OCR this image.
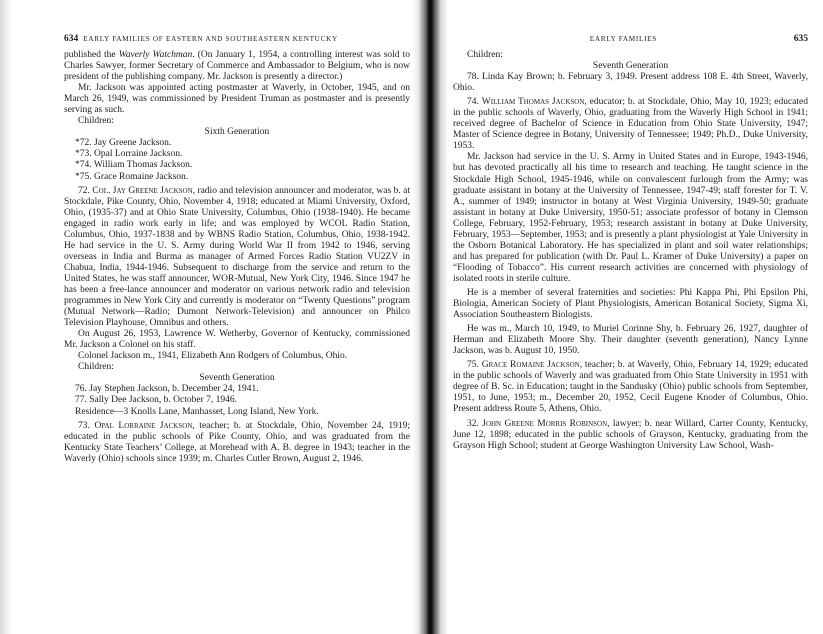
634 EARLY FAMILIES OF EASTERN AND SOUTHEASTERN KENTUCKY

published the Waverly Watchman. (On January 1, 1954, a controlling interest was sold to Charles Sawyer, former Secretary of Commerce and Ambassador to Belgium, who is now president of the publishing company. Mr. Jackson is presently a director.)

Mr. Jackson was appointed acting postmaster at Waverly, in October, 1945, and on March 26, 1949, was commissioned by President Truman as postmaster and is presently serving as such.

Children:

Sixth Generation

*72. Jay Greene Jackson.

*73. Opal Lorraine Jackson.

*74. William Thomas Jackson.

*75. Grace Romaine Jackson.

72. Col. Jay Greene Jackson, radio and television announcer and moderator, was b. at Stockdale, Pike County, Ohio, November 4, 1918; educated at Miami University, Oxford, Ohio, (1935-37) and at Ohio State University, Columbus, Ohio (1938-1940). He became engaged in radio work early in life; and was employed by WCOL Radio Station, Columbus, Ohio, 1937-1838 and by WBNS Radio Station, Columbus, Ohio, 1938-1942. He had service in the U. S. Army during World War II from 1942 to 1946, serving overseas in India and Burma as manager of Armed Forces Radio Station VU2ZV in Chabua, India, 1944-1946. Subsequent to discharge from the service and return to the United States, he was staff announcer, WOR-Mutual, New York City, 1946. Since 1947 he has been a free-lance announcer and moderator on various network radio and television programmes in New York City and currently is moderator on “Twenty Questions” program (Mutual Network—Radio; Dumont Network-Television) and announcer on Philco Television Playhouse, Omnibus and others.

On August 26, 1953, Lawrence W. Wetherby, Governor of Kentucky, commissioned Mr. Jackson a Colonel on his staff.

Colonel Jackson m., 1941, Elizabeth Ann Rodgers of Columbus, Ohio.

Children:

Seventh Generation

76. Jay Stephen Jackson, b. December 24, 1941.

77. Sally Dee Jackson, b. October 7, 1946.

Residence—3 Knolls Lane, Manhasset, Long Island, New York.

73. Opal Lorraine Jackson, teacher; b. at Stockdale, Ohio, November 24, 1919; educated in the public schools of Pike County, Ohio, and was graduated from the Kentucky State Teachers’ College, at Morehead with A. B. degree in 1943; teacher in the Waverly (Ohio) schools since 1939; m. Charles Cutler Brown, August 2, 1946.

EARLY FAMILIES	635

Children:

Seventh Generation

78. Linda Kay Brown; b. February 3, 1949. Present address 108 E. 4th Street, Waverly, Ohio.

74. William Thomas Jackson, educator; b. at Stockdale, Ohio, May 10, 1923; educated in the public schools of Waverly, Ohio, graduating from the Waverly High School in 1941; received degree of Bachelor of Science in Education from Ohio State University, 1947; Master of Science degree in Botany, University of Tennessee; 1949; Ph.D., Duke University, 1953.

Mr. Jackson had service in the U. S. Army in United States and in Europe, 1943-1946, but has devoted practically all his time to research and teaching. He taught science in the Stockdale High School, 1945-1946, while on convalescent furlough from the Army; was graduate assistant in botany at the University of Tennessee, 1947-49; staff forester for T. V. A., summer of 1949; instructor in botany at West Virginia University, 1949-50; graduate assistant in botany at Duke University, 1950-51; associate professor of botany in Clemson College, February, 1952-February, 1953; research assistant in botany at Duke University, February, 1953—September, 1953; and is presently a plant physiologist at Yale University in the Osborn Botanical Laboratory. He has specialized in plant and soil water relationships; and has prepared for publication (with Dr. Paul L. Kramer of Duke University) a paper on “Flooding of Tobacco”. His current research activities are concerned with physiology of isolated roots in sterile culture.

He is a member of several fraternities and societies: Phi Kappa Phi, Phi Epsilon Phi, Biologia, American Society of Plant Physiologists, American Botanical Society, Sigma Xi, Association Southeastern Biologists.

He was m., March 10, 1949, to Muriel Corinne Shy, b. February 26, 1927, daughter of Herman and Elizabeth Moore Shy. Their daughter (seventh generation), Nancy Lynne Jackson, was b. August 10, 1950.

75. Grace Romaine Jackson, teacher; b. at Waverly, Ohio, February 14, 1929; educated in the public schools of Waverly and was graduated from Ohio State University in 1951 with degree of B. Sc. in Education; taught in the Sandusky (Ohio) public schools from September, 1951, to June, 1953; m., December 20, 1952, Cecil Eugene Knoder of Columbus, Ohio. Present address Route 5, Athens, Ohio.

32. John Greene Morris Robinson, lawyer; b. near Willard, Carter County, Kentucky, June 12, 1898; educated in the public schools of Grayson, Kentucky, graduating from the Grayson High School; student at George Washington University Law School, Wash-
